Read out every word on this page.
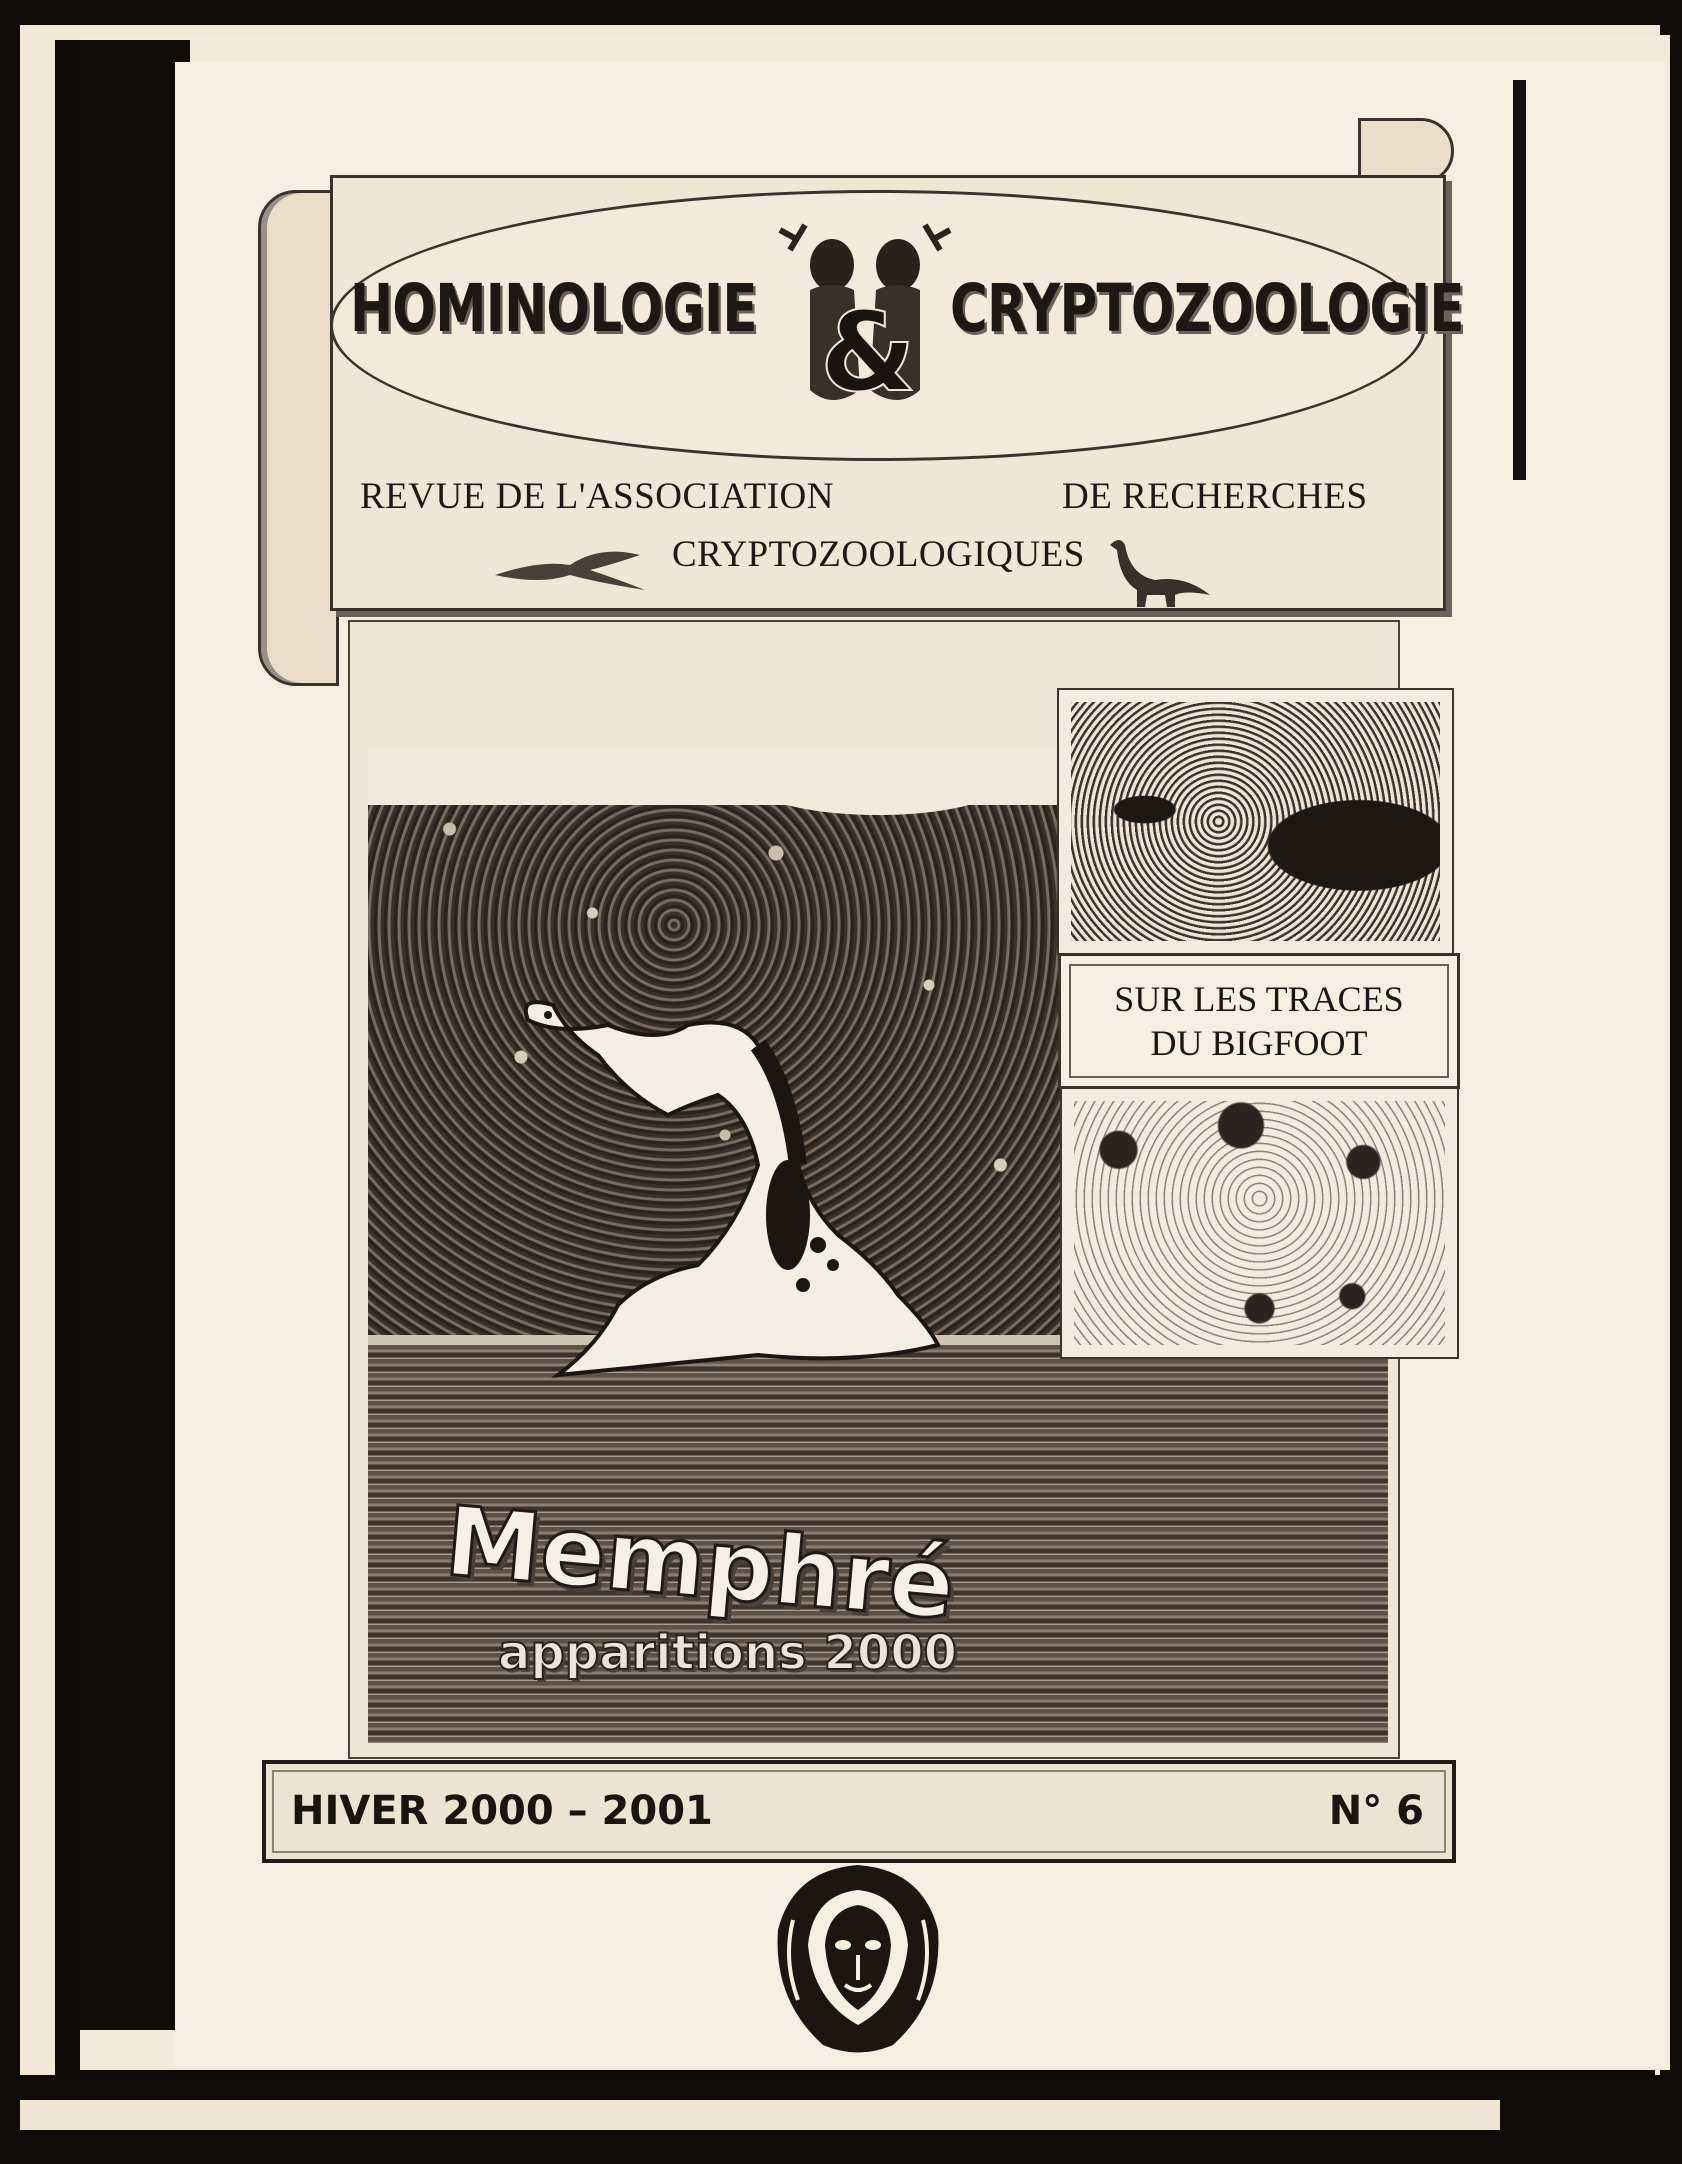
HOMINOLOGIE & CRYPTOZOOLOGIE
REVUE DE L'ASSOCIATION	DE RECHERCHES
CRYPTOZOOLOGIQUES
Memphré
apparitions 2000
SUR LES TRACES
DU BIGFOOT
HIVER 2000 – 2001	N° 6
